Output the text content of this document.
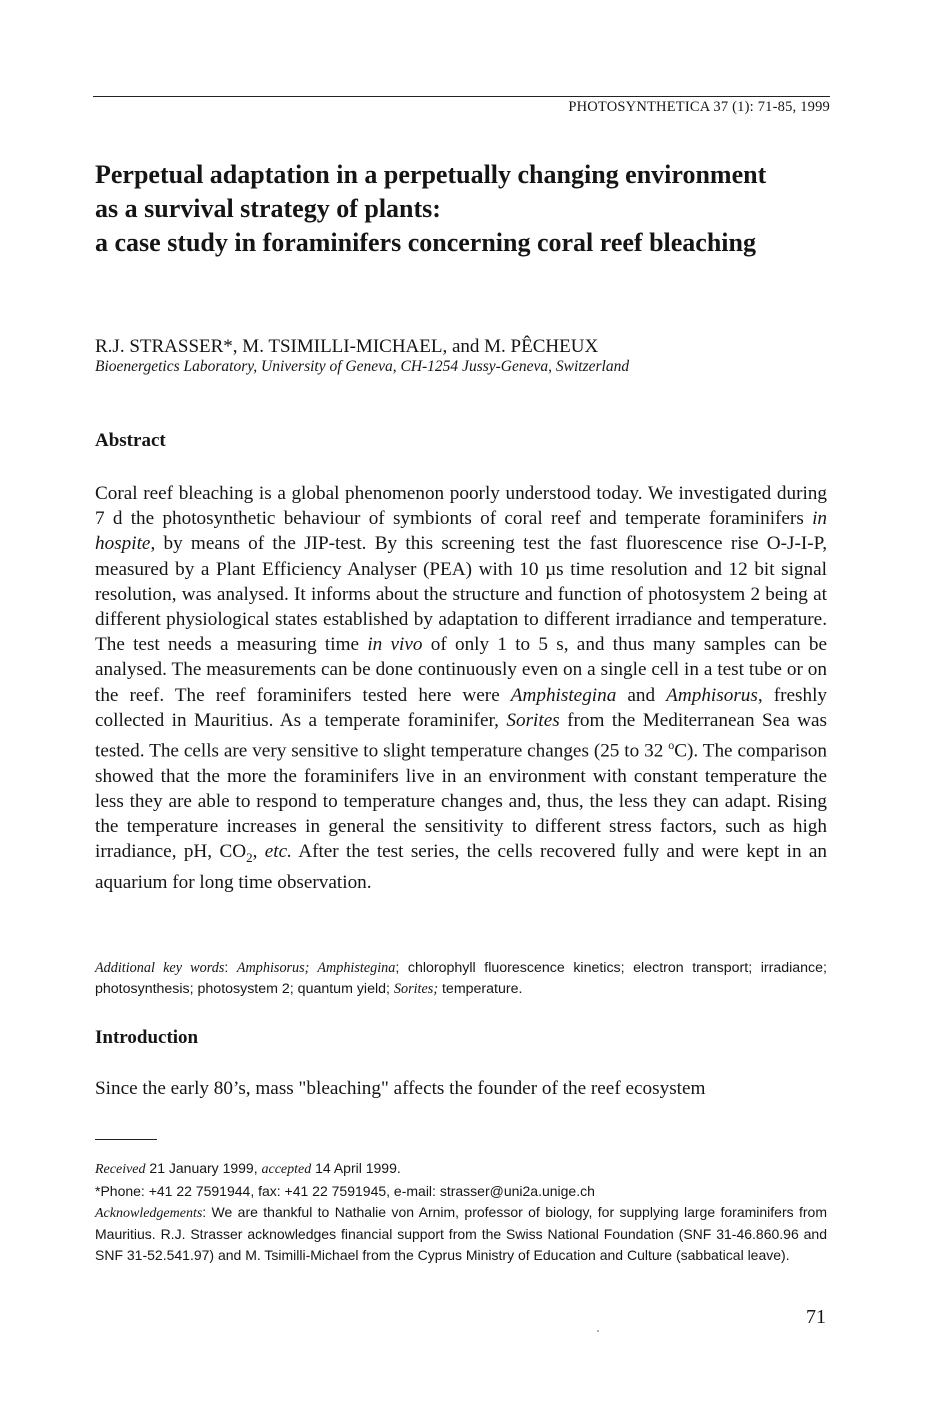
PHOTOSYNTHETICA 37 (1): 71-85, 1999
Perpetual adaptation in a perpetually changing environment
as a survival strategy of plants:
a case study in foraminifers concerning coral reef bleaching
R.J. STRASSER*, M. TSIMILLI-MICHAEL, and M. PÊCHEUX
Bioenergetics Laboratory, University of Geneva, CH-1254 Jussy-Geneva, Switzerland
Abstract

Coral reef bleaching is a global phenomenon poorly understood today. We investigated during 7 d the photosynthetic behaviour of symbionts of coral reef and temperate foraminifers in hospite, by means of the JIP-test. By this screening test the fast fluorescence rise O-J-I-P, measured by a Plant Efficiency Analyser (PEA) with 10 µs time resolution and 12 bit signal resolution, was analysed. It informs about the structure and function of photosystem 2 being at different physiological states established by adaptation to different irradiance and temperature. The test needs a measuring time in vivo of only 1 to 5 s, and thus many samples can be analysed. The measurements can be done continuously even on a single cell in a test tube or on the reef. The reef foraminifers tested here were Amphistegina and Amphisorus, freshly collected in Mauritius. As a temperate foraminifer, Sorites from the Mediterranean Sea was tested. The cells are very sensitive to slight temperature changes (25 to 32 $^o$C). The comparison showed that the more the foraminifers live in an environment with constant temperature the less they are able to respond to temperature changes and, thus, the less they can adapt. Rising the temperature increases in general the sensitivity to different stress factors, such as high irradiance, pH, $CO_2$, etc. After the test series, the cells recovered fully and were kept in an aquarium for long time observation.

Additional key words: Amphisorus; Amphistegina; chlorophyll fluorescence kinetics; electron transport; irradiance; photosynthesis; photosystem 2; quantum yield; Sorites; temperature.

Introduction

Since the early 80’s, mass "bleaching" affects the founder of the reef ecosystem

Received 21 January 1999, accepted 14 April 1999.

*Phone: +41 22 7591944, fax: +41 22 7591945, e-mail: strasser@uni2a.unige.ch

Acknowledgements: We are thankful to Nathalie von Arnim, professor of biology, for supplying large foraminifers from Mauritius. R.J. Strasser acknowledges financial support from the Swiss National Foundation (SNF 31-46.860.96 and SNF 31-52.541.97) and M. Tsimilli-Michael from the Cyprus Ministry of Education and Culture (sabbatical leave).

71
